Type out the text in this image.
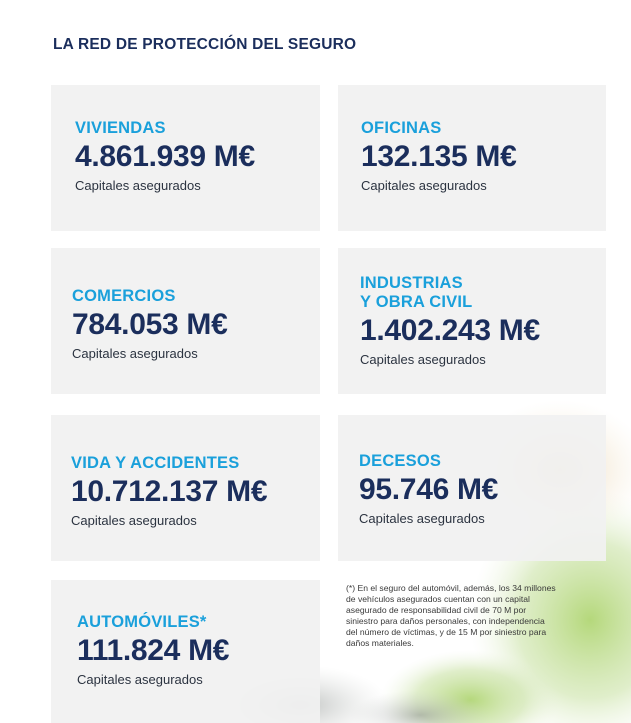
LA RED DE PROTECCIÓN DEL SEGURO
VIVIENDAS
4.861.939 M€
Capitales asegurados
OFICINAS
132.135 M€
Capitales asegurados
COMERCIOS
784.053 M€
Capitales asegurados
INDUSTRIAS
Y OBRA CIVIL
1.402.243 M€
Capitales asegurados
VIDA Y ACCIDENTES
10.712.137 M€
Capitales asegurados
DECESOS
95.746 M€
Capitales asegurados
AUTOMÓVILES*
111.824 M€
Capitales asegurados

(*) En el seguro del automóvil, además, los 34 millones de vehículos asegurados cuentan con un capital asegurado de responsabilidad civil de 70 M por siniestro para daños personales, con independencia del número de víctimas, y de 15 M por siniestro para daños materiales.
